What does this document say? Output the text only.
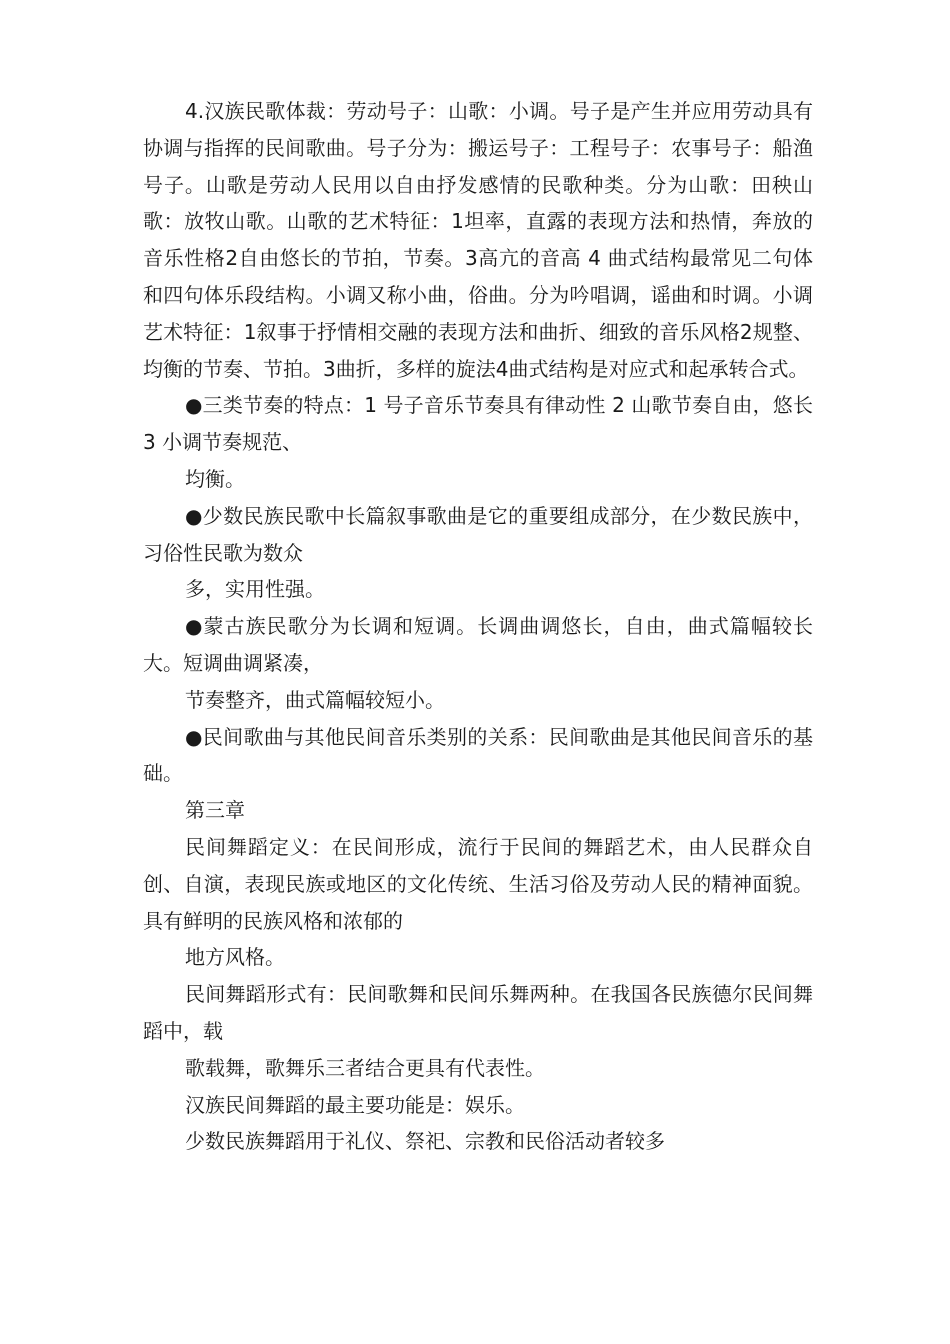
4.汉族民歌体裁：劳动号子：山歌：小调。号子是产生并应用劳动具有协调与指挥的民间歌曲。号子分为：搬运号子：工程号子：农事号子：船渔号子。山歌是劳动人民用以自由抒发感情的民歌种类。分为山歌：田秧山歌：放牧山歌。山歌的艺术特征：1坦率，直露的表现方法和热情，奔放的音乐性格2自由悠长的节拍，节奏。3高亢的音高 4 曲式结构最常见二句体和四句体乐段结构。小调又称小曲，俗曲。分为吟唱调，谣曲和时调。小调艺术特征：1叙事于抒情相交融的表现方法和曲折、细致的音乐风格2规整、均衡的节奏、节拍。3曲折，多样的旋法4曲式结构是对应式和起承转合式。

●三类节奏的特点：1 号子音乐节奏具有律动性 2 山歌节奏自由，悠长 3 小调节奏规范、

均衡。

●少数民族民歌中长篇叙事歌曲是它的重要组成部分，在少数民族中，习俗性民歌为数众

多，实用性强。

●蒙古族民歌分为长调和短调。长调曲调悠长，自由，曲式篇幅较长大。短调曲调紧凑，

节奏整齐，曲式篇幅较短小。

●民间歌曲与其他民间音乐类别的关系：民间歌曲是其他民间音乐的基础。

第三章

民间舞蹈定义：在民间形成，流行于民间的舞蹈艺术，由人民群众自创、自演，表现民族或地区的文化传统、生活习俗及劳动人民的精神面貌。具有鲜明的民族风格和浓郁的

地方风格。

民间舞蹈形式有：民间歌舞和民间乐舞两种。在我国各民族德尔民间舞蹈中，载

歌载舞，歌舞乐三者结合更具有代表性。

汉族民间舞蹈的最主要功能是：娱乐。

少数民族舞蹈用于礼仪、祭祀、宗教和民俗活动者较多
